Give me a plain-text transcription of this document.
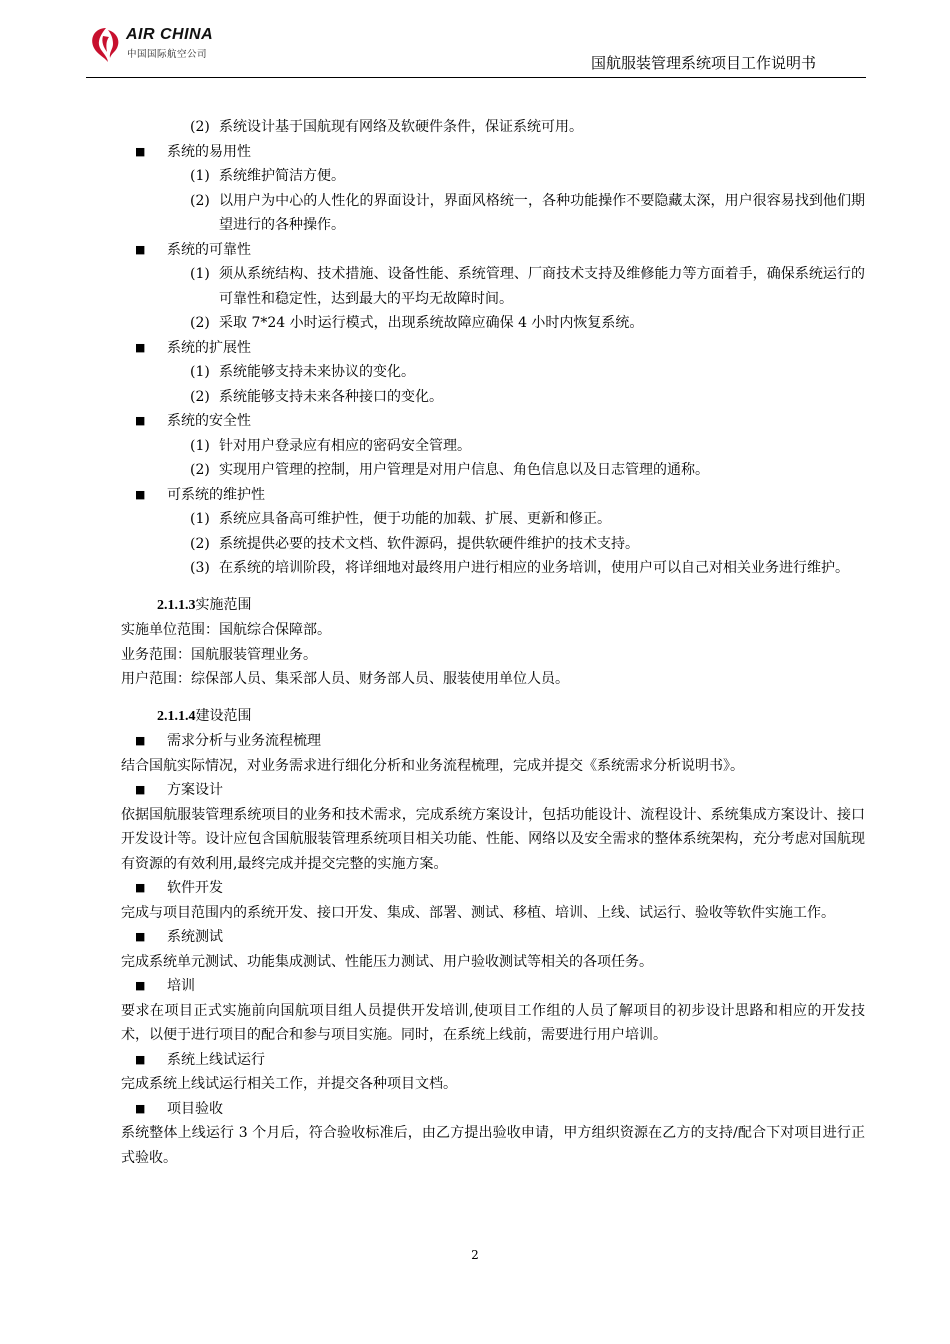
AIR CHINA
中国国际航空公司	国航服装管理系统项目工作说明书
(2) 系统设计基于国航现有网络及软硬件条件，保证系统可用。
■ 系统的易用性
(1) 系统维护简洁方便。
(2) 以用户为中心的人性化的界面设计，界面风格统一，各种功能操作不要隐藏太深，用户很容易找到他们期望进行的各种操作。
■ 系统的可靠性
(1) 须从系统结构、技术措施、设备性能、系统管理、厂商技术支持及维修能力等方面着手，确保系统运行的可靠性和稳定性，达到最大的平均无故障时间。
(2) 采取 7*24 小时运行模式，出现系统故障应确保 4 小时内恢复系统。
■ 系统的扩展性
(1) 系统能够支持未来协议的变化。
(2) 系统能够支持未来各种接口的变化。
■ 系统的安全性
(1) 针对用户登录应有相应的密码安全管理。
(2) 实现用户管理的控制，用户管理是对用户信息、角色信息以及日志管理的通称。
■ 可系统的维护性
(1) 系统应具备高可维护性，便于功能的加载、扩展、更新和修正。
(2) 系统提供必要的技术文档、软件源码，提供软硬件维护的技术支持。
(3) 在系统的培训阶段，将详细地对最终用户进行相应的业务培训，使用户可以自己对相关业务进行维护。
2.1.1.3实施范围
实施单位范围：国航综合保障部。
业务范围：国航服装管理业务。
用户范围：综保部人员、集采部人员、财务部人员、服装使用单位人员。
2.1.1.4建设范围
■ 需求分析与业务流程梳理
结合国航实际情况，对业务需求进行细化分析和业务流程梳理，完成并提交《系统需求分析说明书》。
■ 方案设计
依据国航服装管理系统项目的业务和技术需求，完成系统方案设计，包括功能设计、流程设计、系统集成方案设计、接口开发设计等。设计应包含国航服装管理系统项目相关功能、性能、网络以及安全需求的整体系统架构，充分考虑对国航现有资源的有效利用,最终完成并提交完整的实施方案。
■ 软件开发
完成与项目范围内的系统开发、接口开发、集成、部署、测试、移植、培训、上线、试运行、验收等软件实施工作。
■ 系统测试
完成系统单元测试、功能集成测试、性能压力测试、用户验收测试等相关的各项任务。
■ 培训
要求在项目正式实施前向国航项目组人员提供开发培训,使项目工作组的人员了解项目的初步设计思路和相应的开发技术，以便于进行项目的配合和参与项目实施。同时，在系统上线前，需要进行用户培训。
■ 系统上线试运行
完成系统上线试运行相关工作，并提交各种项目文档。
■ 项目验收
系统整体上线运行 3 个月后，符合验收标准后，由乙方提出验收申请，甲方组织资源在乙方的支持/配合下对项目进行正式验收。
2
